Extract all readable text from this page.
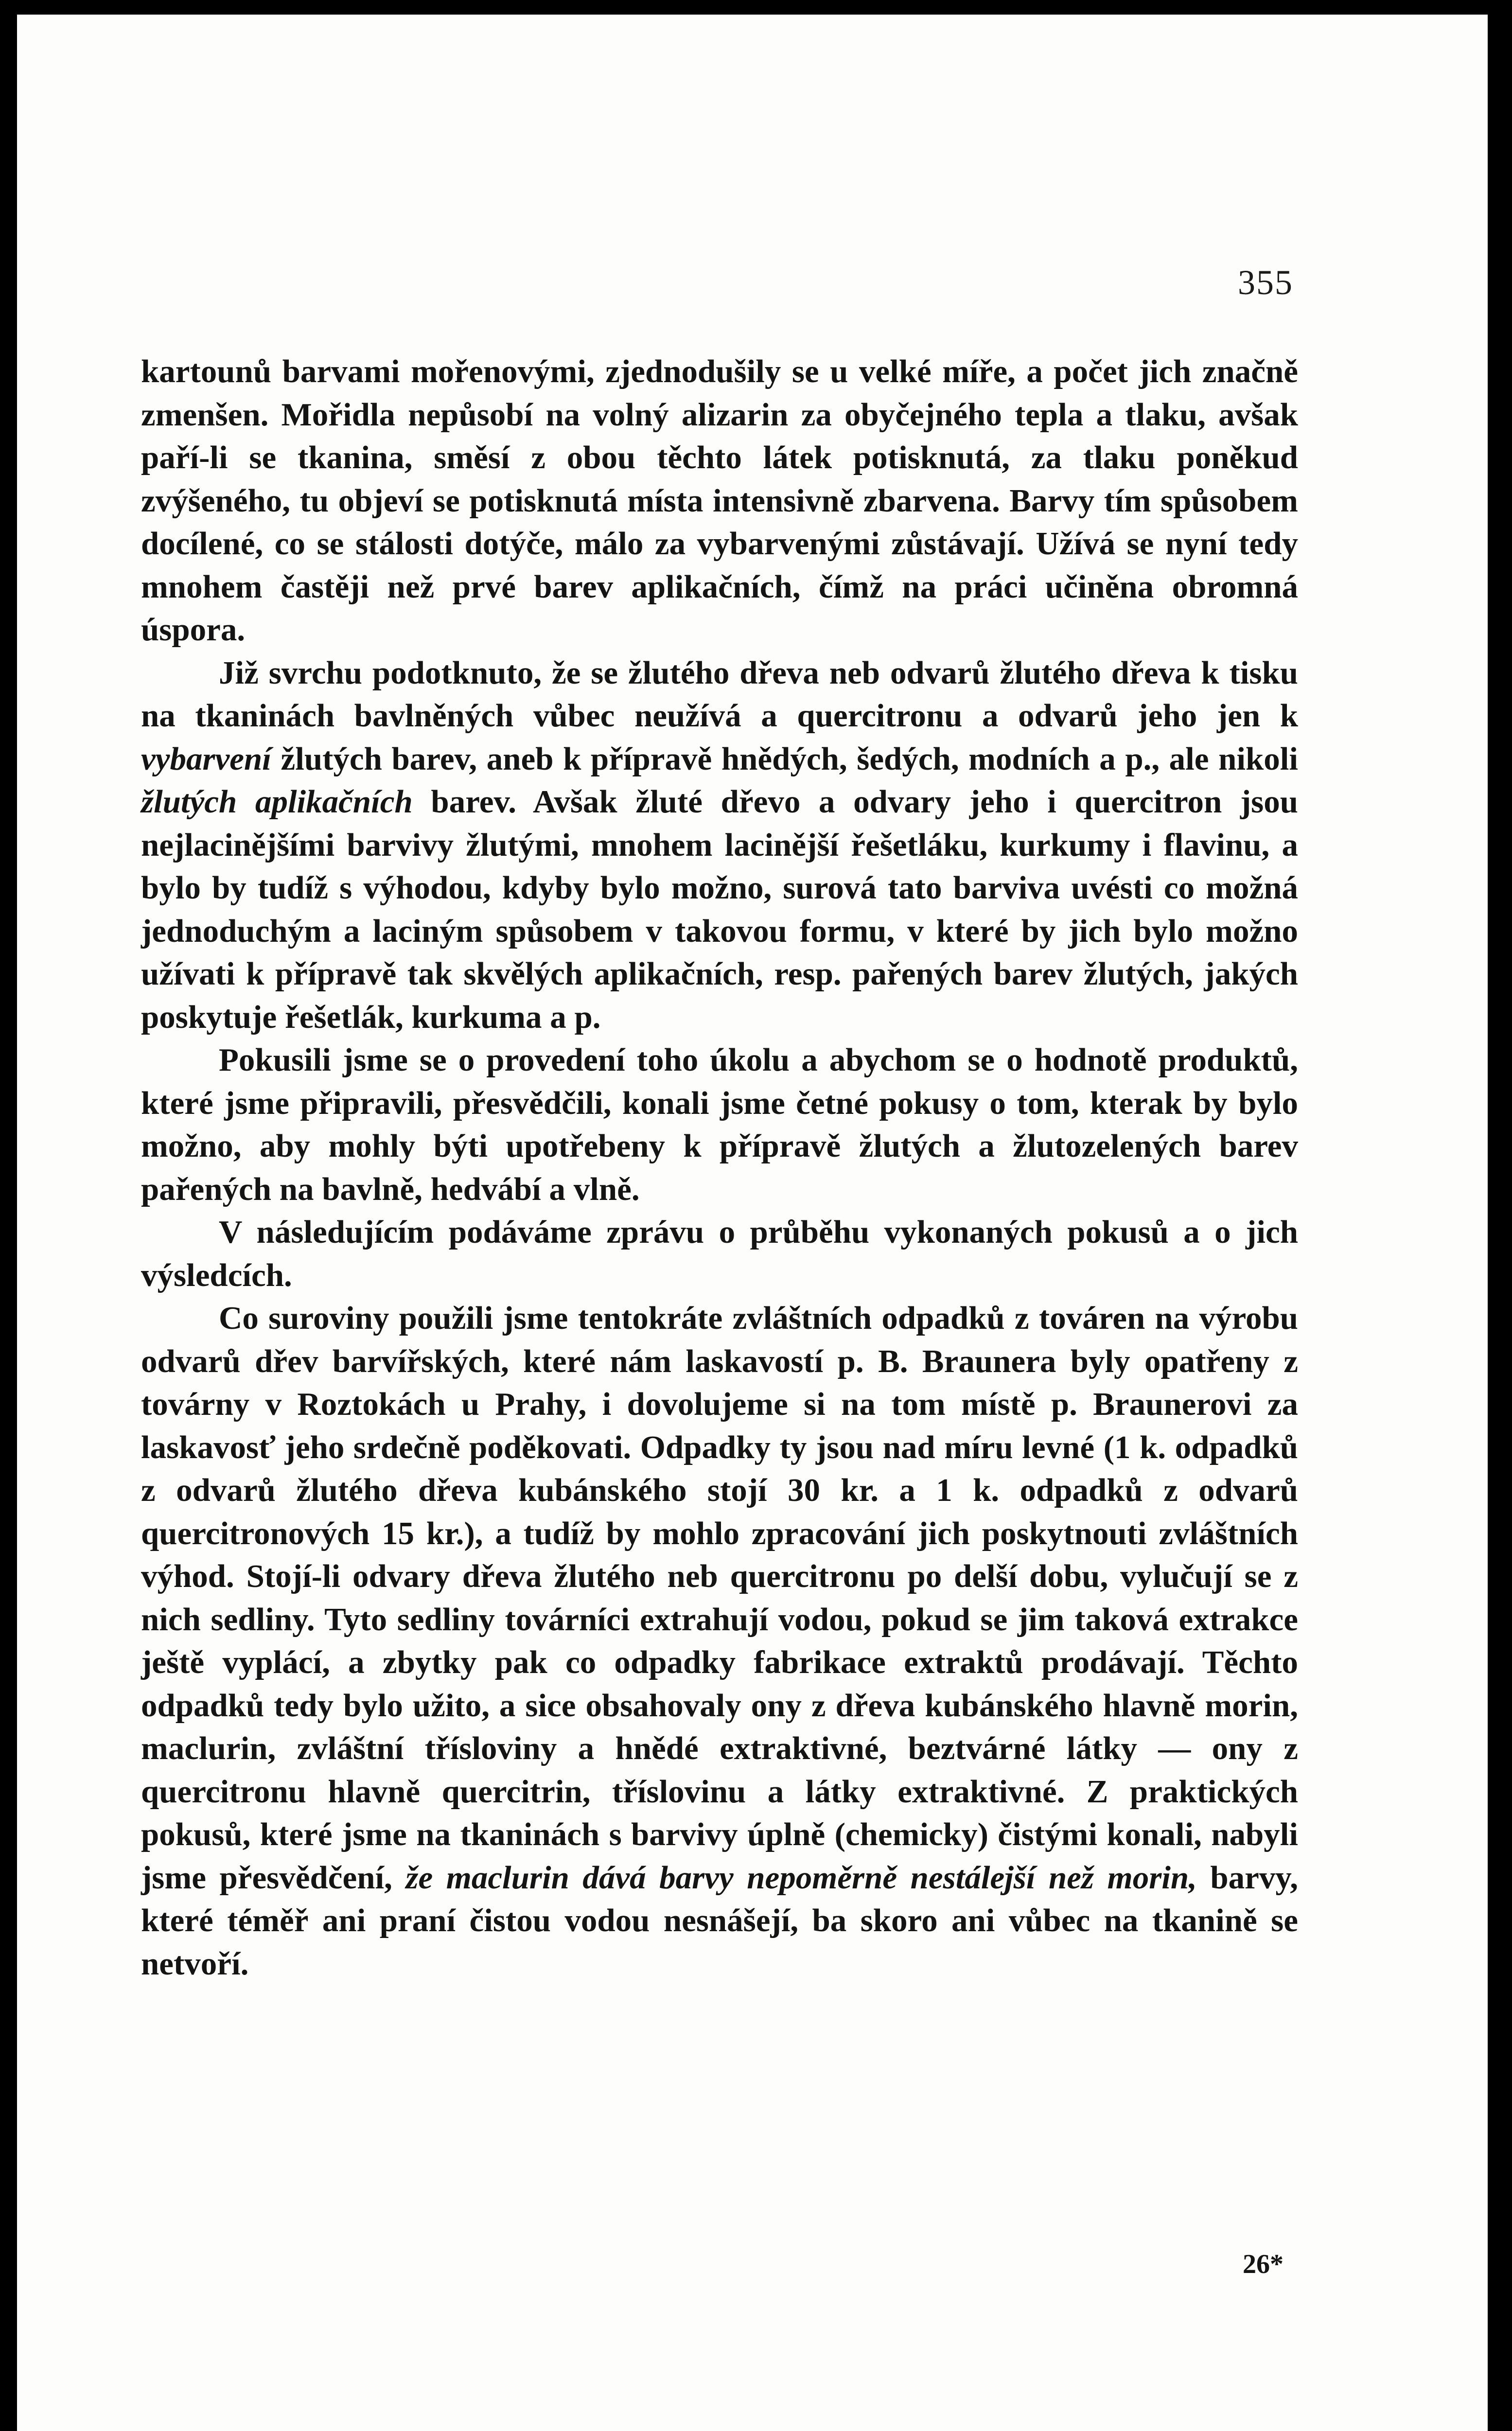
355

kartounů barvami mořenovými, zjednodušily se u velké míře, a počet jich značně zmenšen. Mořidla nepůsobí na volný alizarin za obyčejného tepla a tlaku, avšak paří-li se tkanina, směsí z obou těchto látek potisknutá, za tlaku poněkud zvýšeného, tu objeví se potisknutá místa intensivně zbarvena. Barvy tím spůsobem docílené, co se stálosti dotýče, málo za vybarvenými zůstávají. Užívá se nyní tedy mnohem častěji než prvé barev aplikačních, čímž na práci učiněna obromná úspora.

Již svrchu podotknuto, že se žlutého dřeva neb odvarů žlutého dřeva k tisku na tkaninách bavlněných vůbec neužívá a quercitronu a odvarů jeho jen k vybarvení žlutých barev, aneb k přípravě hnědých, šedých, modních a p., ale nikoli žlutých aplikačních barev. Avšak žluté dřevo a odvary jeho i quercitron jsou nejlacinějšími barvivy žlutými, mnohem lacinější řešetláku, kurkumy i flavinu, a bylo by tudíž s výhodou, kdyby bylo možno, surová tato barviva uvésti co možná jednoduchým a laciným spůsobem v takovou formu, v které by jich bylo možno užívati k přípravě tak skvělých aplikačních, resp. pařených barev žlutých, jakých poskytuje řešetlák, kurkuma a p.

Pokusili jsme se o provedení toho úkolu a abychom se o hodnotě produktů, které jsme připravili, přesvědčili, konali jsme četné pokusy o tom, kterak by bylo možno, aby mohly býti upotřebeny k přípravě žlutých a žlutozelených barev pařených na bavlně, hedvábí a vlně.

V následujícím podáváme zprávu o průběhu vykonaných pokusů a o jich výsledcích.

Co suroviny použili jsme tentokráte zvláštních odpadků z továren na výrobu odvarů dřev barvířských, které nám laskavostí p. B. Braunera byly opatřeny z továrny v Roztokách u Prahy, i dovolujeme si na tom místě p. Braunerovi za laskavosť jeho srdečně poděkovati. Odpadky ty jsou nad míru levné (1 k. odpadků z odvarů žlutého dřeva kubánského stojí 30 kr. a 1 k. odpadků z odvarů quercitronových 15 kr.), a tudíž by mohlo zpracování jich poskytnouti zvláštních výhod. Stojí-li odvary dřeva žlutého neb quercitronu po delší dobu, vylučují se z nich sedliny. Tyto sedliny továrníci extrahují vodou, pokud se jim taková extrakce ještě vyplácí, a zbytky pak co odpadky fabrikace extraktů prodávají. Těchto odpadků tedy bylo užito, a sice obsahovaly ony z dřeva kubánského hlavně morin, maclurin, zvláštní třísloviny a hnědé extraktivné, beztvárné látky — ony z quercitronu hlavně quercitrin, tříslovinu a látky extraktivné. Z praktických pokusů, které jsme na tkaninách s barvivy úplně (chemicky) čistými konali, nabyli jsme přesvědčení, že maclurin dává barvy nepoměrně nestálejší než morin, barvy, které téměř ani praní čistou vodou nesnášejí, ba skoro ani vůbec na tkanině se netvoří.

26*
